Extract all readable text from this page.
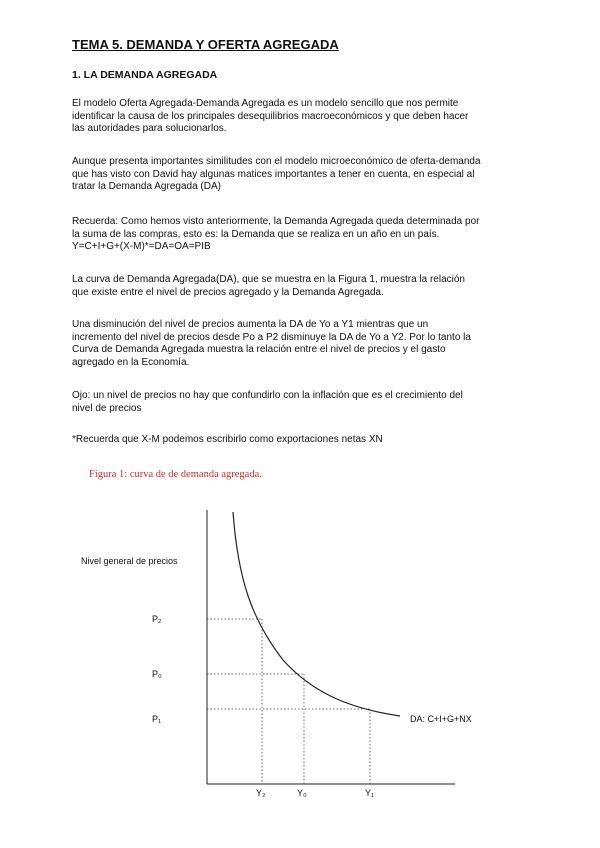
TEMA 5. DEMANDA Y OFERTA AGREGADA
1. LA DEMANDA AGREGADA
El modelo Oferta Agregada-Demanda Agregada es un modelo sencillo que nos permite
identificar la causa de los principales desequilibrios macroeconómicos y que deben hacer
las autoridades para solucionarlos.
Aunque presenta importantes similitudes con el modelo microeconómico de oferta-demanda
que has visto con David hay algunas matices importantes a tener en cuenta, en especial al
tratar la Demanda Agregada (DA)
Recuerda: Como hemos visto anteriormente, la Demanda Agregada queda determinada por
la suma de las compras, esto es: la Demanda que se realiza en un año en un país.
Y=C+I+G+(X-M)*=DA=OA=PIB
La curva de Demanda Agregada(DA), que se muestra en la Figura 1, muestra la relación
que existe entre el nivel de precios agregado y la Demanda Agregada.
Una disminución del nivel de precios aumenta la DA de Yo a Y1 mientras que un
incremento del nivel de precios desde Po a P2 disminuye la DA de Yo a Y2. Por lo tanto la
Curva de Demanda Agregada muestra la relación entre el nivel de precios y el gasto
agregado en la Economía.
Ojo: un nivel de precios no hay que confundirlo con la inflación que es el crecimiento del
nivel de precios
*Recuerda que X-M podemos escribirlo como exportaciones netas XN
Figura 1: curva de de demanda agregada.
Nivel general de precios
P₂
P₀
P₁
Y₂	Y₀	Y₁
DA: C+I+G+NX
